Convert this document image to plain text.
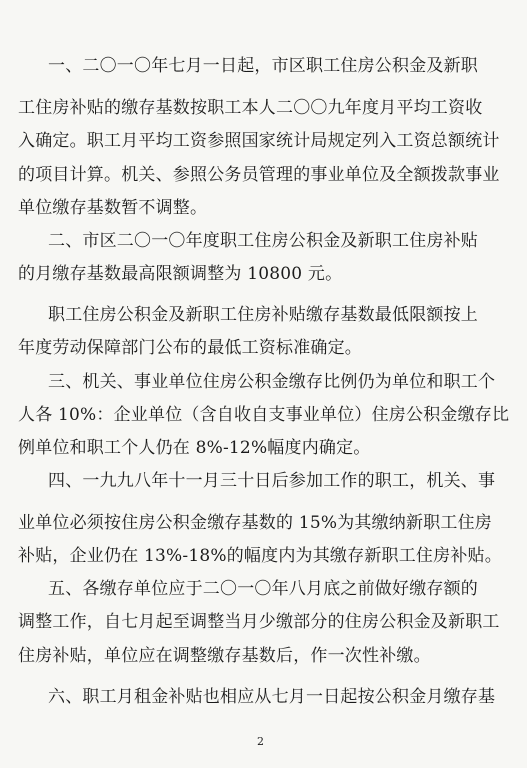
一、二〇一〇年七月一日起，市区职工住房公积金及新职
工住房补贴的缴存基数按职工本人二〇〇九年度月平均工资收
入确定。职工月平均工资参照国家统计局规定列入工资总额统计
的项目计算。机关、参照公务员管理的事业单位及全额拨款事业
单位缴存基数暂不调整。
二、市区二〇一〇年度职工住房公积金及新职工住房补贴
的月缴存基数最高限额调整为 10800 元。
职工住房公积金及新职工住房补贴缴存基数最低限额按上
年度劳动保障部门公布的最低工资标准确定。
三、机关、事业单位住房公积金缴存比例仍为单位和职工个
人各 10%：企业单位（含自收自支事业单位）住房公积金缴存比
例单位和职工个人仍在 8%-12%幅度内确定。
四、一九九八年十一月三十日后参加工作的职工，机关、事
业单位必须按住房公积金缴存基数的 15%为其缴纳新职工住房
补贴，企业仍在 13%-18%的幅度内为其缴存新职工住房补贴。
五、各缴存单位应于二〇一〇年八月底之前做好缴存额的
调整工作，自七月起至调整当月少缴部分的住房公积金及新职工
住房补贴，单位应在调整缴存基数后，作一次性补缴。
六、职工月租金补贴也相应从七月一日起按公积金月缴存基
2
